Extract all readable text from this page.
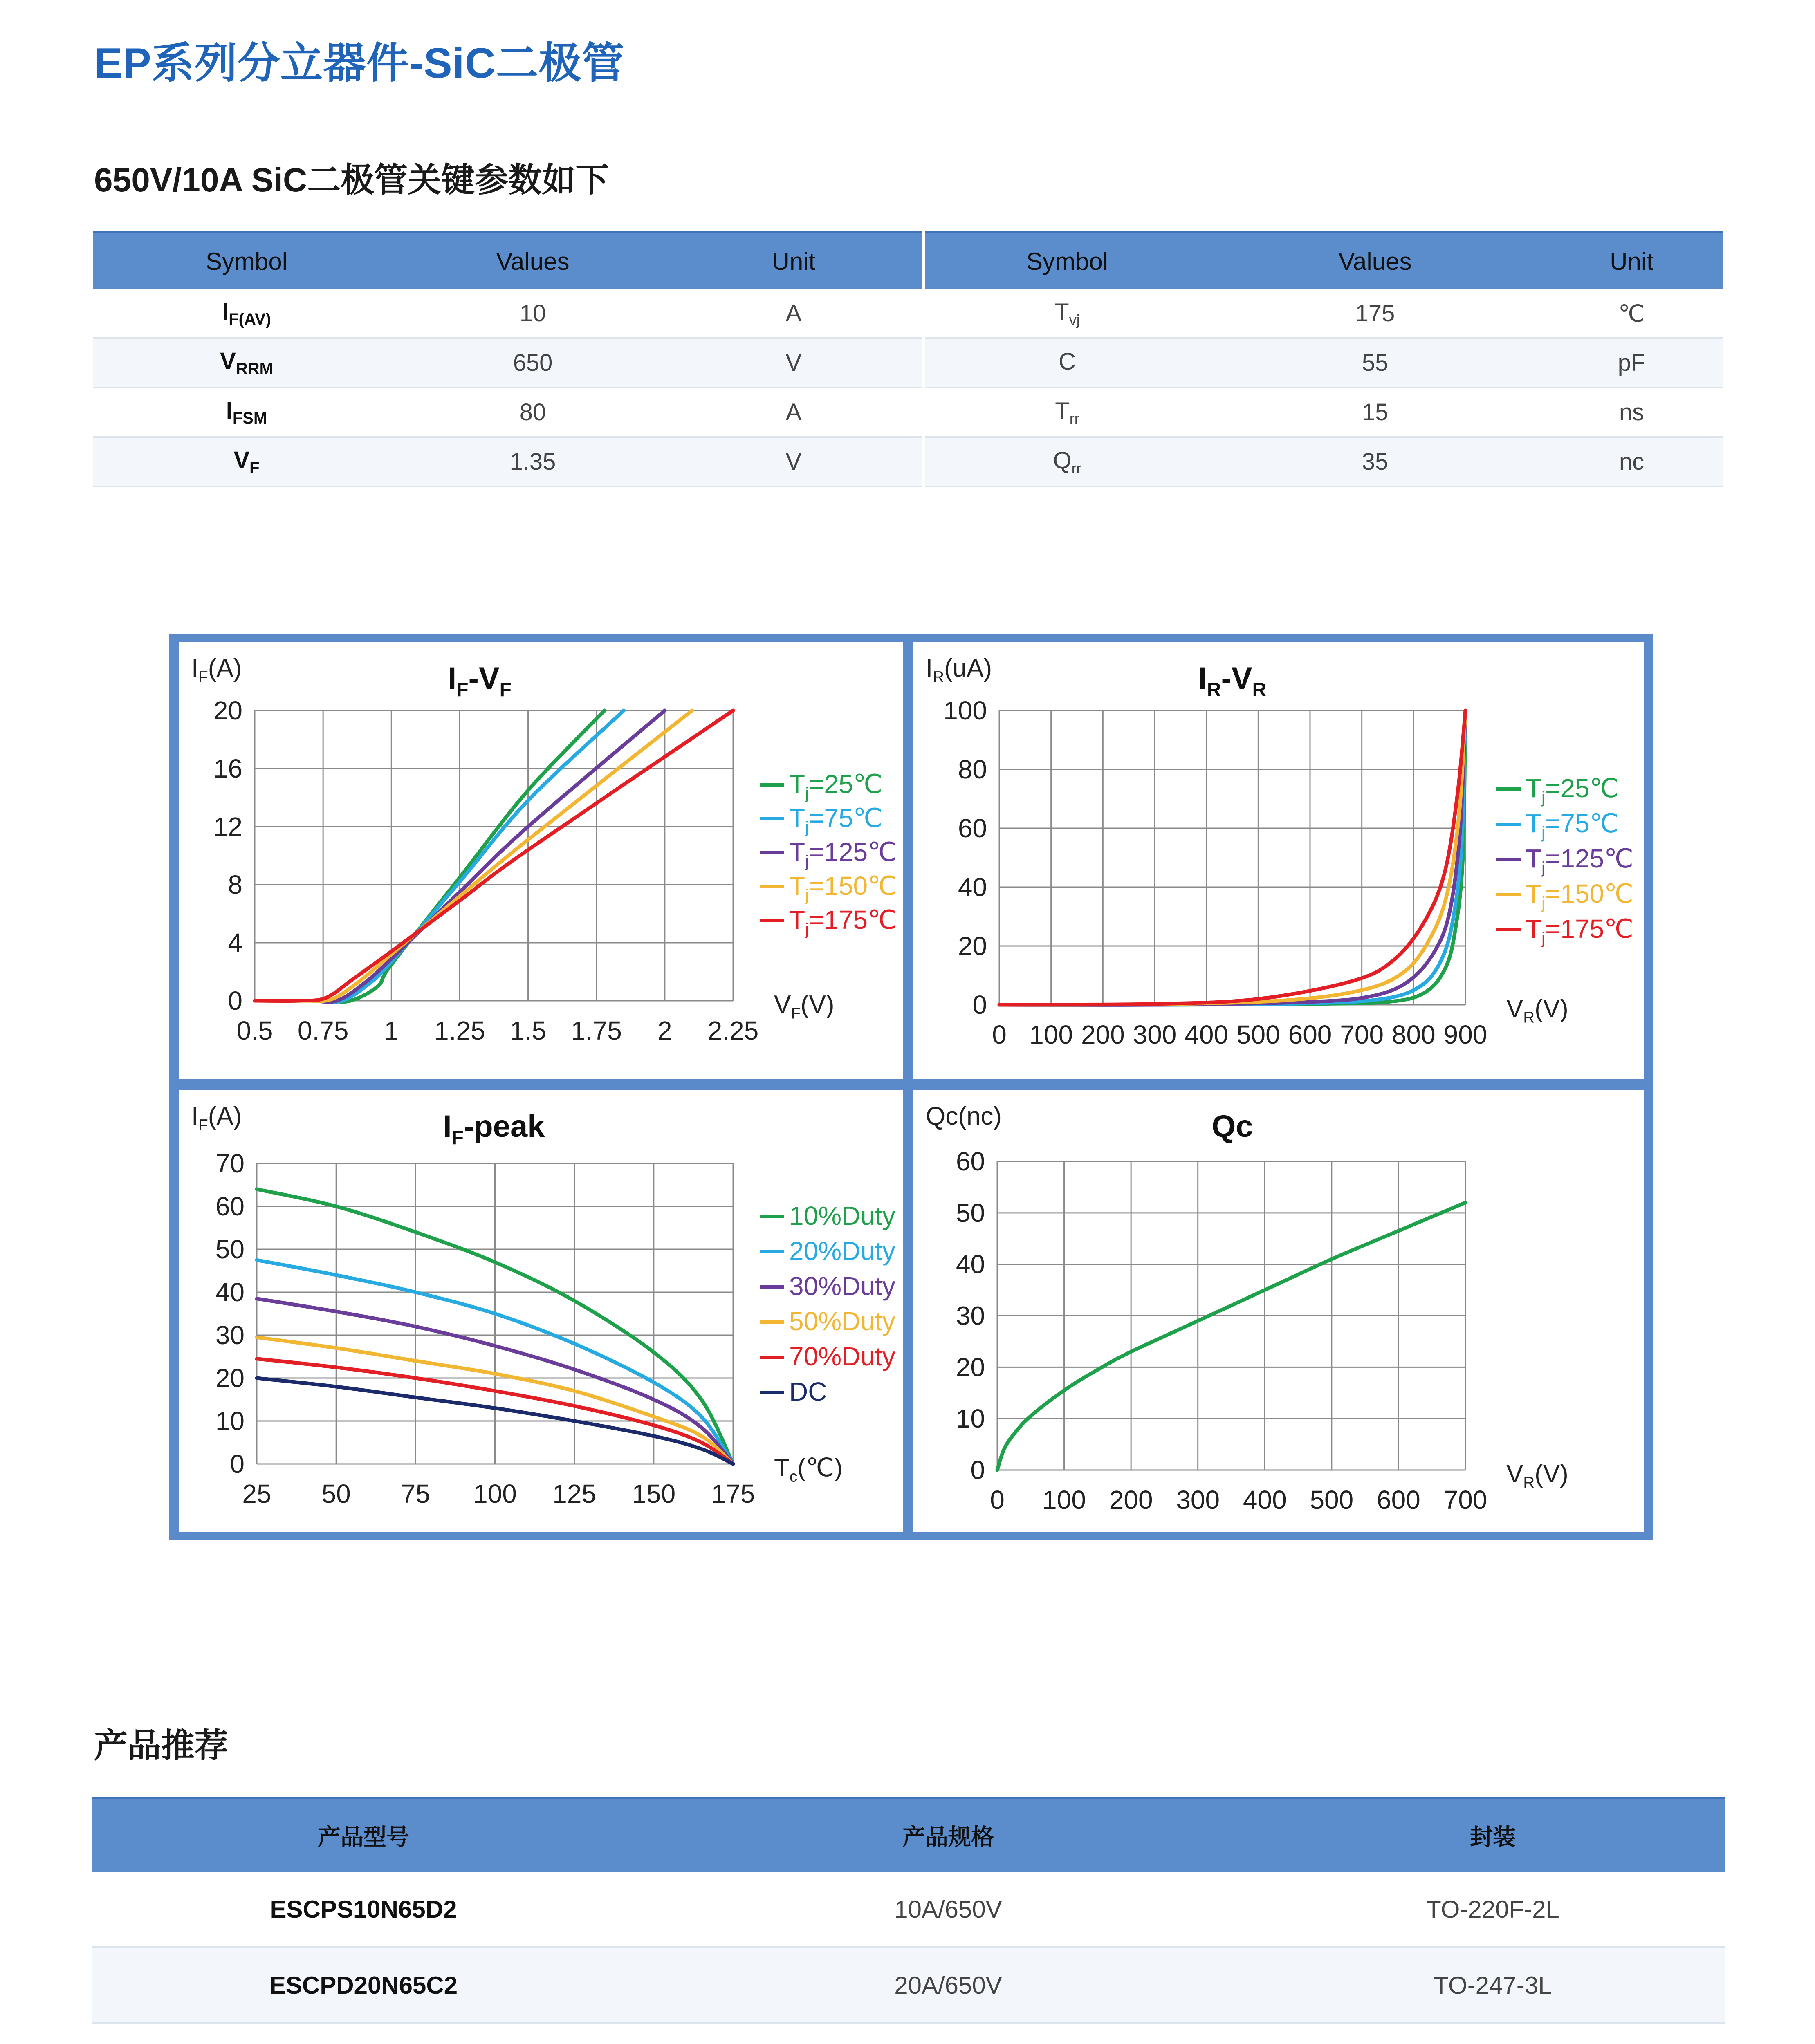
EP系列分立器件-SiC二极管
650V/10A SiC二极管关键参数如下
Symbol	Values	Unit	Symbol	Values	Unit
$I_{F(AV)}$	10	A	$T_{vj}$	175	℃
$V_{RRM}$	650	V	C	55	pF
$I_{FSM}$	80	A	$T_{rr}$	15	ns
$V_F$	1.35	V	$Q_{rr}$	35	nc
0.5 0.75 1 1.25 1.5 1.75 2 2.25
0
4
8
12
16
20
$I_F(A)$
$V_F(V)$
$I_F-V_F$
$T_j=25℃$
$T_j=75℃$
$T_j=125℃$
$T_j=150℃$
$T_j=175℃$
0 100 200 300 400 500 600 700 800 900
0
20
40
60
80
100
$I_R(uA)$
$V_R(V)$
$I_R-V_R$
$T_j=25℃$
$T_j=75℃$
$T_j=125℃$
$T_j=150℃$
$T_j=175℃$
25 50 75 100 125 150 175
0
10
20
30
40
50
60
70
$I_F(A)$
$T_c(℃)$
$I_F$-peak
10%Duty
20%Duty
30%Duty
50%Duty
70%Duty
DC
0 100 200 300 400 500 600 700
0
10
20
30
40
50
60
Qc(nc)
$V_R(V)$
Qc
产品推荐
产品型号	产品规格	封装
ESCPS10N65D2	10A/650V	TO-220F-2L
ESCPD20N65C2	20A/650V	TO-247-3L
